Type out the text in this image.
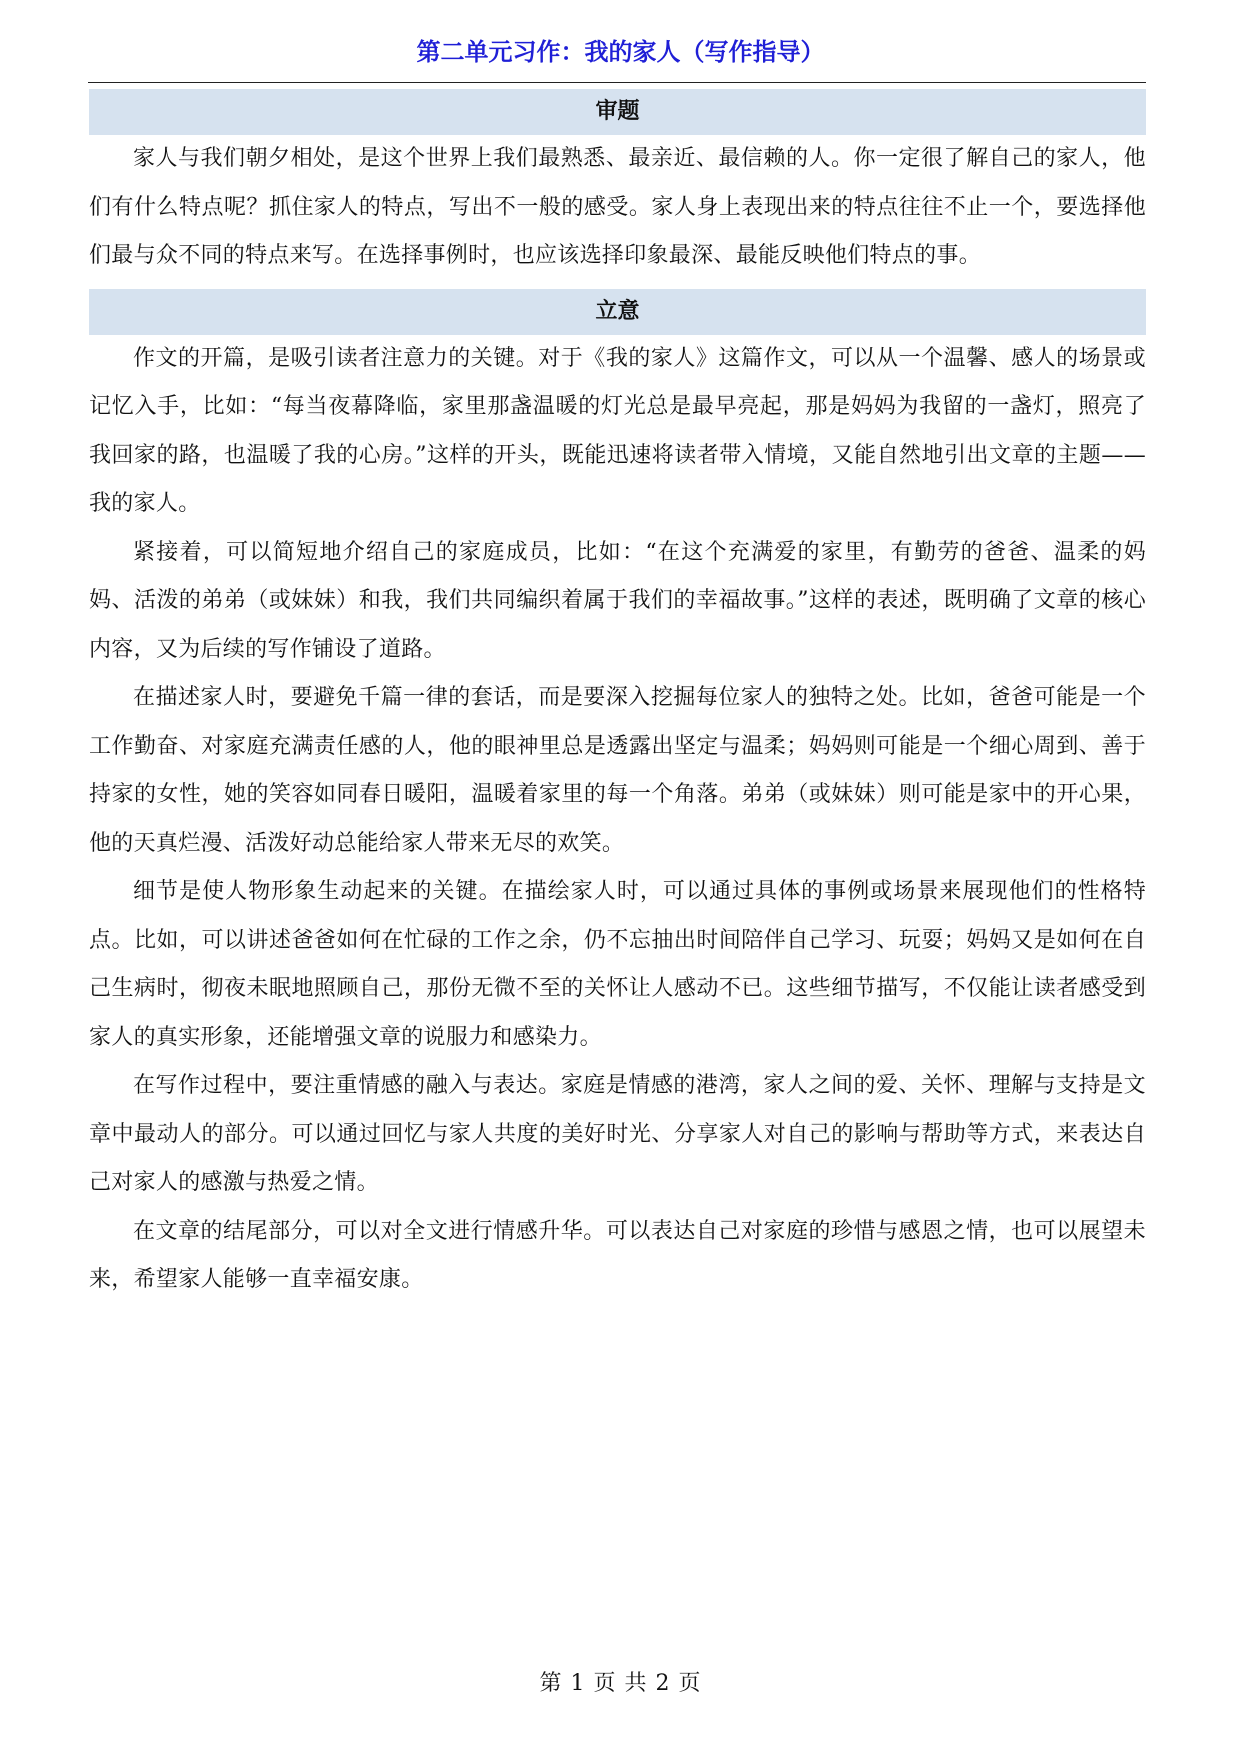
第二单元习作：我的家人（写作指导）
审题

家人与我们朝夕相处，是这个世界上我们最熟悉、最亲近、最信赖的人。你一定很了解自己的家人，他们有什么特点呢？抓住家人的特点，写出不一般的感受。家人身上表现出来的特点往往不止一个，要选择他们最与众不同的特点来写。在选择事例时，也应该选择印象最深、最能反映他们特点的事。

立意

作文的开篇，是吸引读者注意力的关键。对于《我的家人》这篇作文，可以从一个温馨、感人的场景或记忆入手，比如：“每当夜幕降临，家里那盏温暖的灯光总是最早亮起，那是妈妈为我留的一盏灯，照亮了我回家的路，也温暖了我的心房。”这样的开头，既能迅速将读者带入情境，又能自然地引出文章的主题——我的家人。

紧接着，可以简短地介绍自己的家庭成员，比如：“在这个充满爱的家里，有勤劳的爸爸、温柔的妈妈、活泼的弟弟（或妹妹）和我，我们共同编织着属于我们的幸福故事。”这样的表述，既明确了文章的核心内容，又为后续的写作铺设了道路。

在描述家人时，要避免千篇一律的套话，而是要深入挖掘每位家人的独特之处。比如，爸爸可能是一个工作勤奋、对家庭充满责任感的人，他的眼神里总是透露出坚定与温柔；妈妈则可能是一个细心周到、善于持家的女性，她的笑容如同春日暖阳，温暖着家里的每一个角落。弟弟（或妹妹）则可能是家中的开心果，他的天真烂漫、活泼好动总能给家人带来无尽的欢笑。

细节是使人物形象生动起来的关键。在描绘家人时，可以通过具体的事例或场景来展现他们的性格特点。比如，可以讲述爸爸如何在忙碌的工作之余，仍不忘抽出时间陪伴自己学习、玩耍；妈妈又是如何在自己生病时，彻夜未眠地照顾自己，那份无微不至的关怀让人感动不已。这些细节描写，不仅能让读者感受到家人的真实形象，还能增强文章的说服力和感染力。

在写作过程中，要注重情感的融入与表达。家庭是情感的港湾，家人之间的爱、关怀、理解与支持是文章中最动人的部分。可以通过回忆与家人共度的美好时光、分享家人对自己的影响与帮助等方式，来表达自己对家人的感激与热爱之情。

在文章的结尾部分，可以对全文进行情感升华。可以表达自己对家庭的珍惜与感恩之情，也可以展望未来，希望家人能够一直幸福安康。

第 1 页 共 2 页
